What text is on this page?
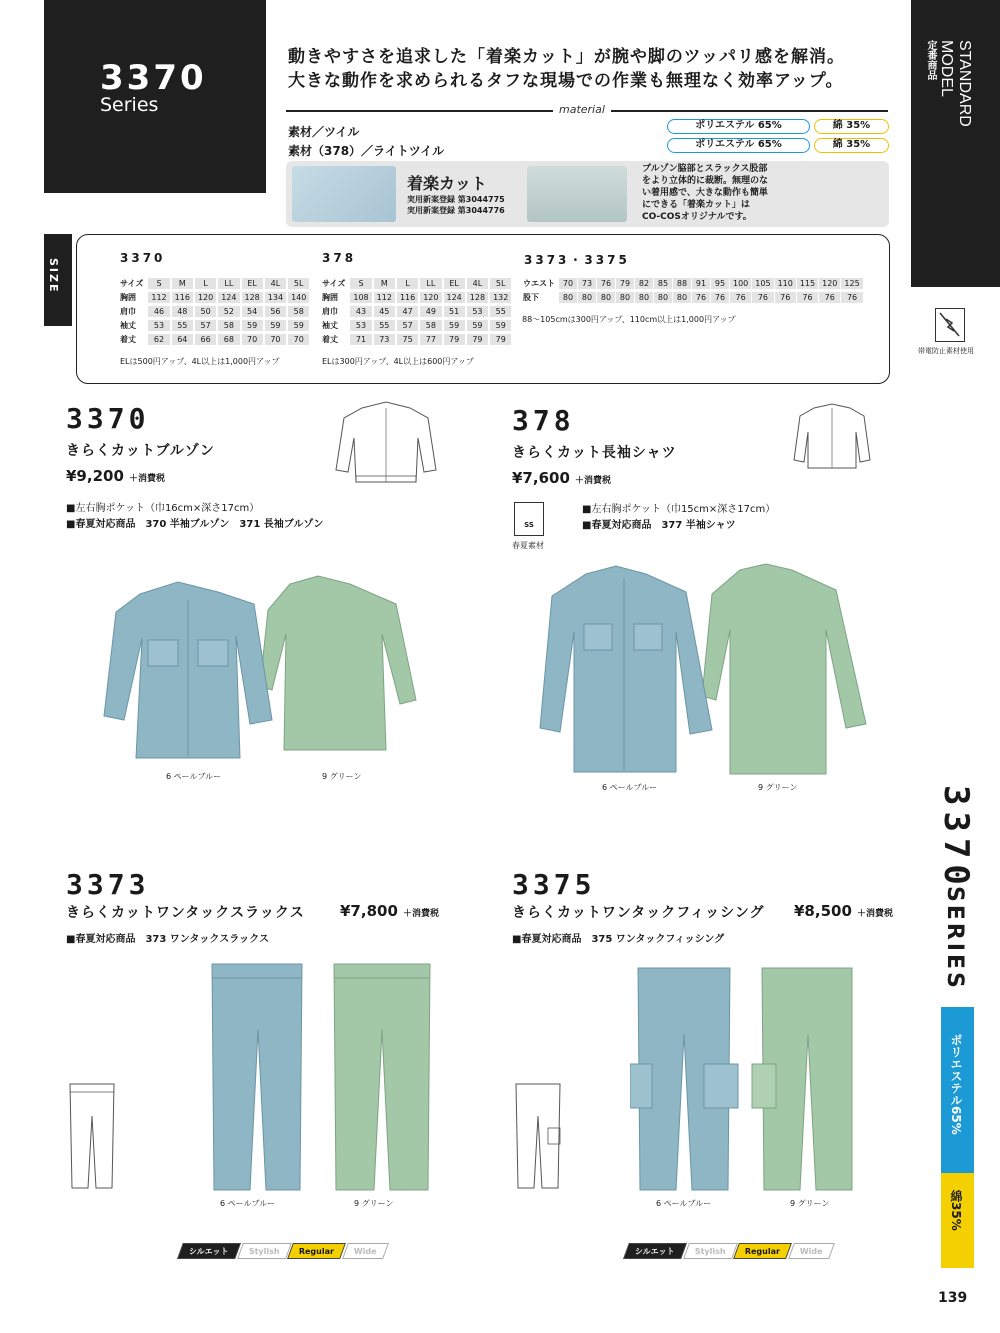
3370
Series
動きやすさを追求した「着楽カット」が腕や脚のツッパリ感を解消。
大きな動作を求められるタフな現場での作業も無理なく効率アップ。
material
素材／ツイル
素材（378）／ライトツイル
ポリエステル 65%	綿 35%
ポリエステル 65%	綿 35%
着楽カット
実用新案登録 第3044775
実用新案登録 第3044776
ブルゾン脇部とスラックス股部
をより立体的に裁断。無理のな
い着用感で、大きな動作も簡単
にできる「着楽カット」は
CO-COSオリジナルです。
STANDARD
MODEL
定番商品
帯電防止素材使用
SIZE	3370
サイズ	S	M	L	LL	EL	4L	5L
胸囲	112	116	120	124	128	134	140
肩巾	46	48	50	52	54	56	58
袖丈	53	55	57	58	59	59	59
着丈	62	64	66	68	70	70	70
ELは500円アップ、4L以上は1,000円アップ
378
サイズ	S	M	L	LL	EL	4L	5L
胸囲	108	112	116	120	124	128	132
肩巾	43	45	47	49	51	53	55
袖丈	53	55	57	58	59	59	59
着丈	71	73	75	77	79	79	79
ELは300円アップ、4L以上は600円アップ
3373・3375
ウエスト	70	73	76	79	82	85	88	91	95	100	105	110	115	120	125
股下	80	80	80	80	80	80	80	76	76	76	76	76	76	76	76
88～105cmは300円アップ、110cm以上は1,000円アップ
3370
きらくカットブルゾン
¥9,200 ＋消費税
■左右胸ポケット（巾16cm×深さ17cm）
■春夏対応商品　370 半袖ブルゾン　371 長袖ブルゾン
6 ペールブルー	9 グリーン
378
きらくカット長袖シャツ
¥7,600 ＋消費税
■左右胸ポケット（巾15cm×深さ17cm）
■春夏対応商品　377 半袖シャツ
SS
春夏素材
6 ペールブルー	9 グリーン	3370
SERIES
ポリエステル65%
綿35%
3373
きらくカットワンタックスラックス ¥7,800 ＋消費税
■春夏対応商品　373 ワンタックスラックス
6 ペールブルー	9 グリーン
3375
きらくカットワンタックフィッシング ¥8,500 ＋消費税
■春夏対応商品　375 ワンタックフィッシング
6 ペールブルー	9 グリーン
シルエット	Stylish	Regular	Wide	シルエット	Stylish	Regular	Wide
139
